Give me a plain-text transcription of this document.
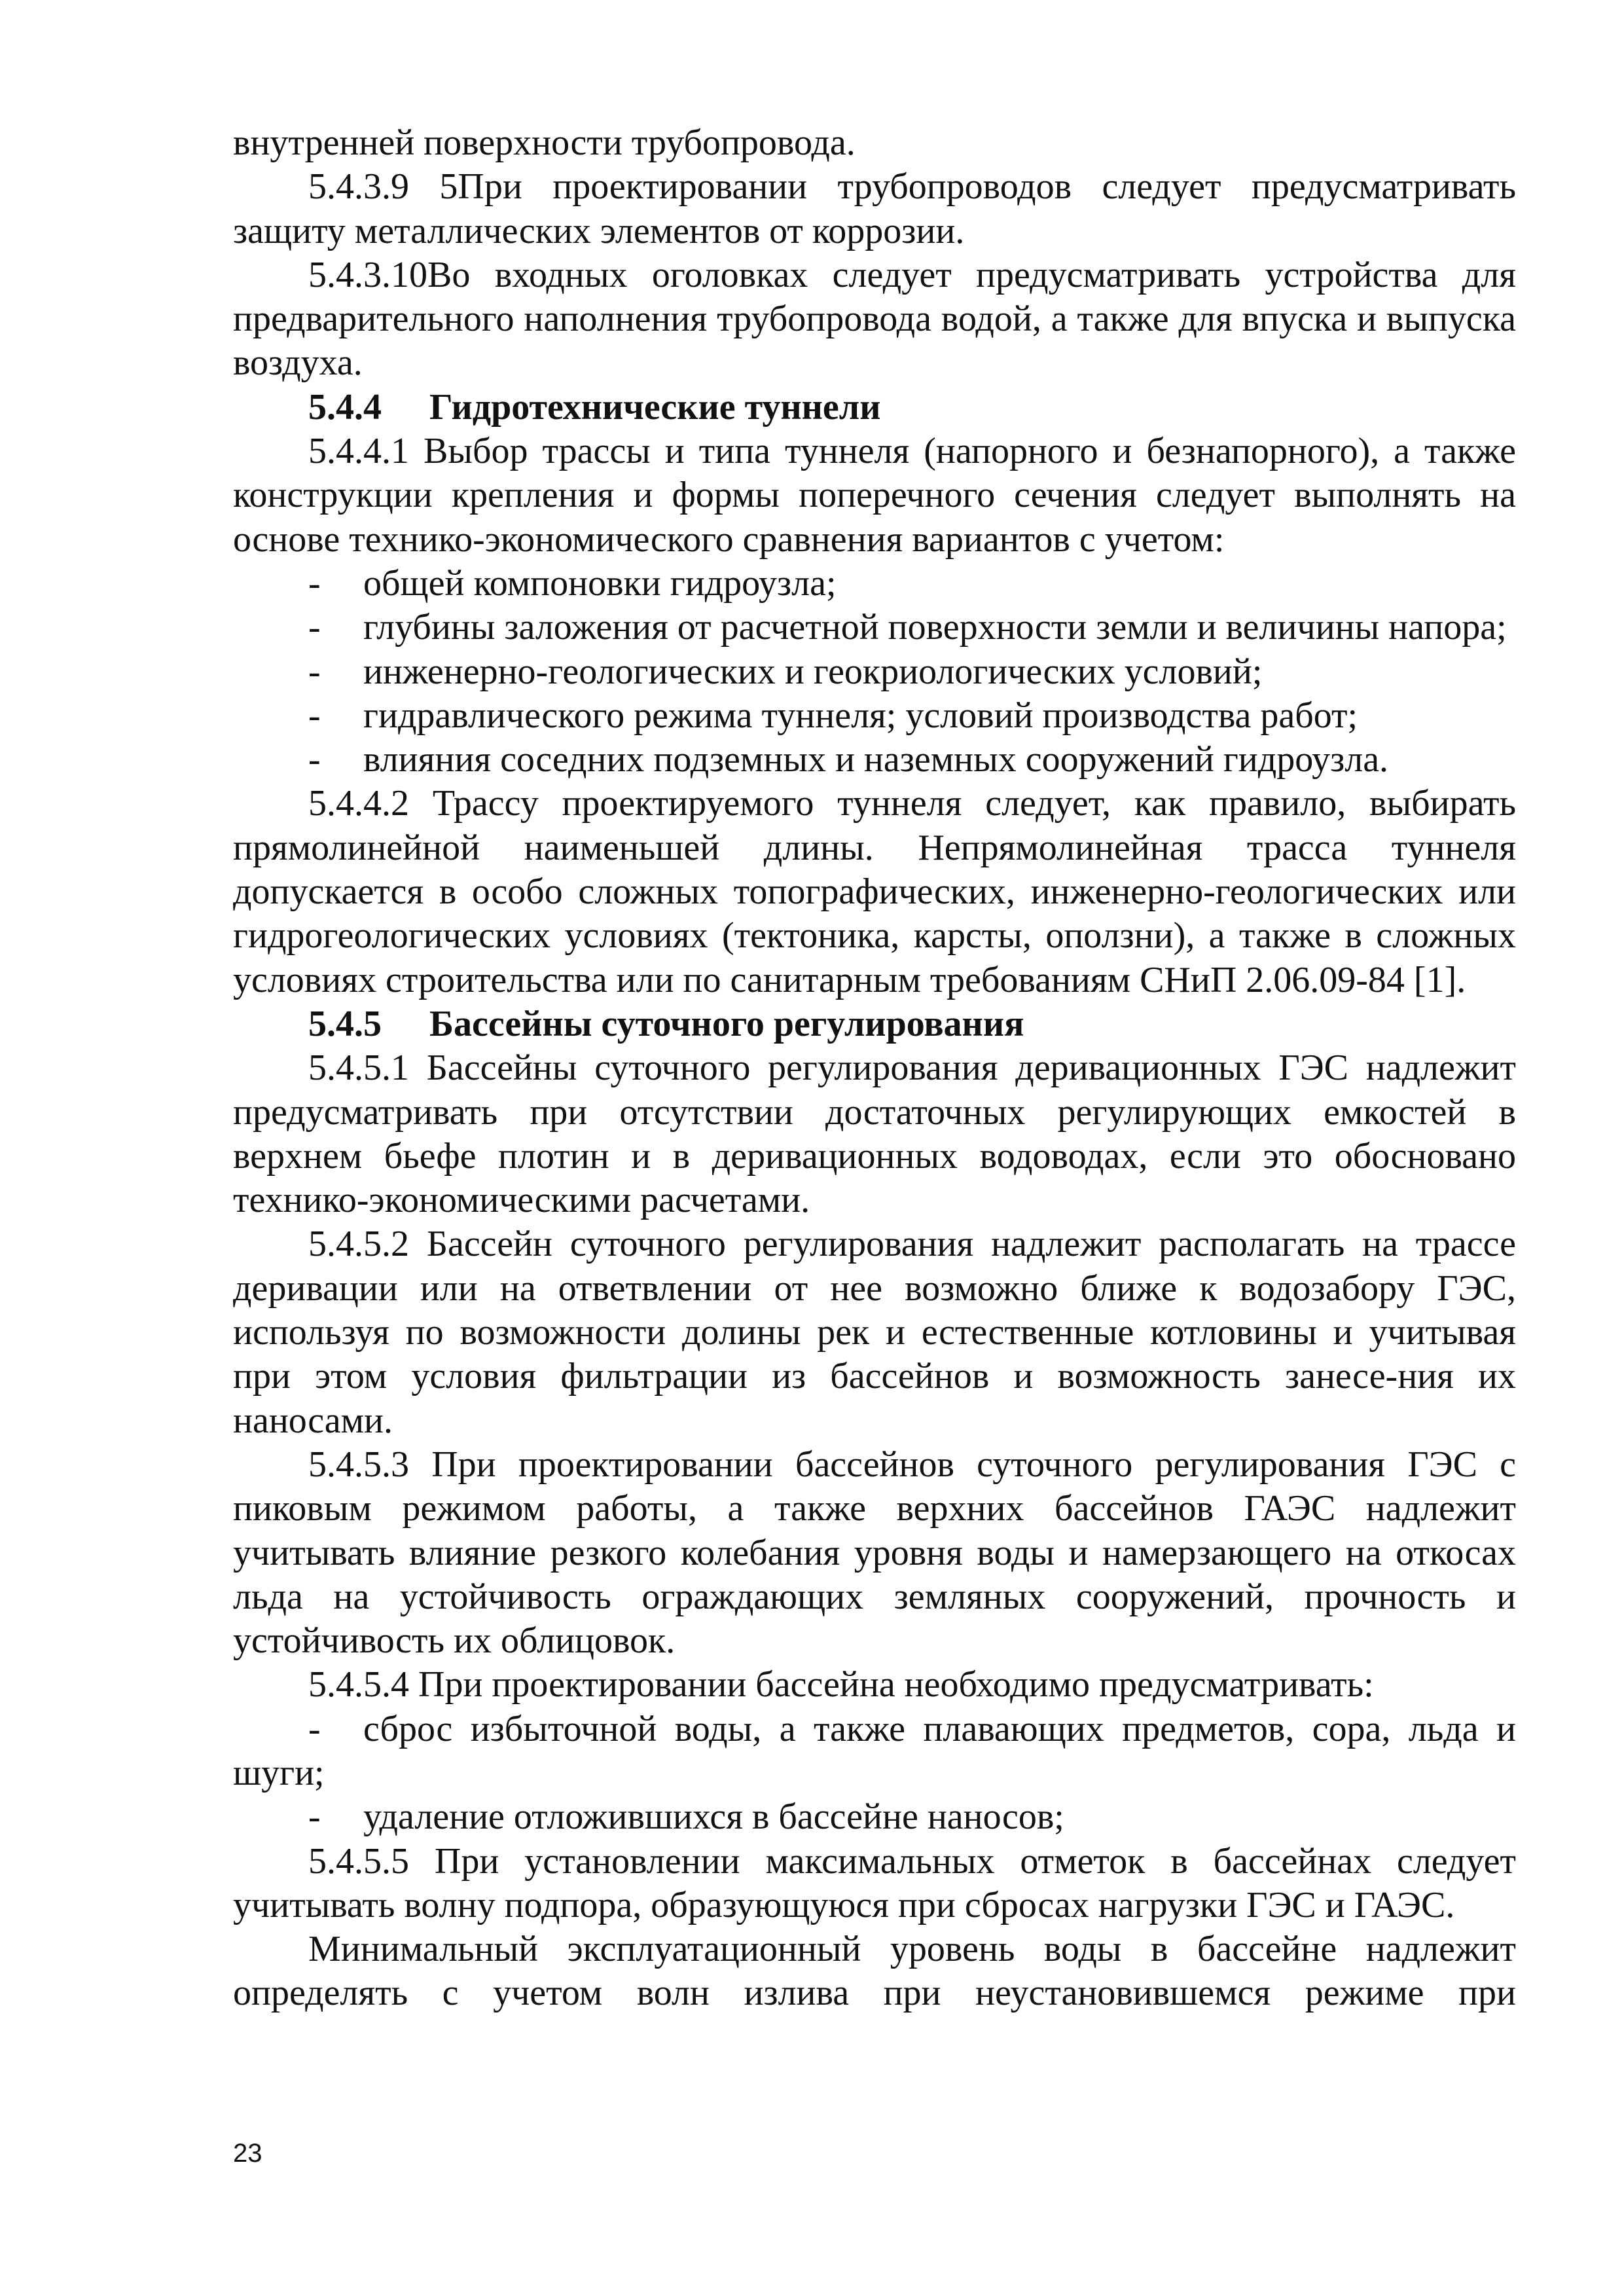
внутренней поверхности трубопровода.

5.4.3.9 5При проектировании трубопроводов следует предусматривать защиту металлических элементов от коррозии.

5.4.3.10Во входных оголовках следует предусматривать устройства для предварительного наполнения трубопровода водой, а также для впуска и выпуска воздуха.

5.4.4 Гидротехнические туннели

5.4.4.1 Выбор трассы и типа туннеля (напорного и безнапорного), а также конструкции крепления и формы поперечного сечения следует выполнять на основе технико-экономического сравнения вариантов с учетом:

- общей компоновки гидроузла;

- глубины заложения от расчетной поверхности земли и величины напора;

- инженерно-геологических и геокриологических условий;

- гидравлического режима туннеля; условий производства работ;

- влияния соседних подземных и наземных сооружений гидроузла.

5.4.4.2 Трассу проектируемого туннеля следует, как правило, выбирать прямолинейной наименьшей длины. Непрямолинейная трасса туннеля допускается в особо сложных топографических, инженерно-геологических или гидрогеологических условиях (тектоника, карсты, оползни), а также в сложных условиях строительства или по санитарным требованиям СНиП 2.06.09-84 [1].

5.4.5 Бассейны суточного регулирования

5.4.5.1 Бассейны суточного регулирования деривационных ГЭС надлежит предусматривать при отсутствии достаточных регулирующих емкостей в верхнем бьефе плотин и в деривационных водоводах, если это обосновано технико-экономическими расчетами.

5.4.5.2 Бассейн суточного регулирования надлежит располагать на трассе деривации или на ответвлении от нее возможно ближе к водозабору ГЭС, используя по возможности долины рек и естественные котловины и учитывая при этом условия фильтрации из бассейнов и возможность занесе-ния их наносами.

5.4.5.3 При проектировании бассейнов суточного регулирования ГЭС с пиковым режимом работы, а также верхних бассейнов ГАЭС надлежит учитывать влияние резкого колебания уровня воды и намерзающего на откосах льда на устойчивость ограждающих земляных сооружений, прочность и устойчивость их облицовок.

5.4.5.4 При проектировании бассейна необходимо предусматривать:

- сброс избыточной воды, а также плавающих предметов, сора, льда и шуги;

- удаление отложившихся в бассейне наносов;

5.4.5.5 При установлении максимальных отметок в бассейнах следует учитывать волну подпора, образующуюся при сбросах нагрузки ГЭС и ГАЭС.

Минимальный эксплуатационный уровень воды в бассейне надлежит определять с учетом волн излива при неустановившемся режиме при

23
